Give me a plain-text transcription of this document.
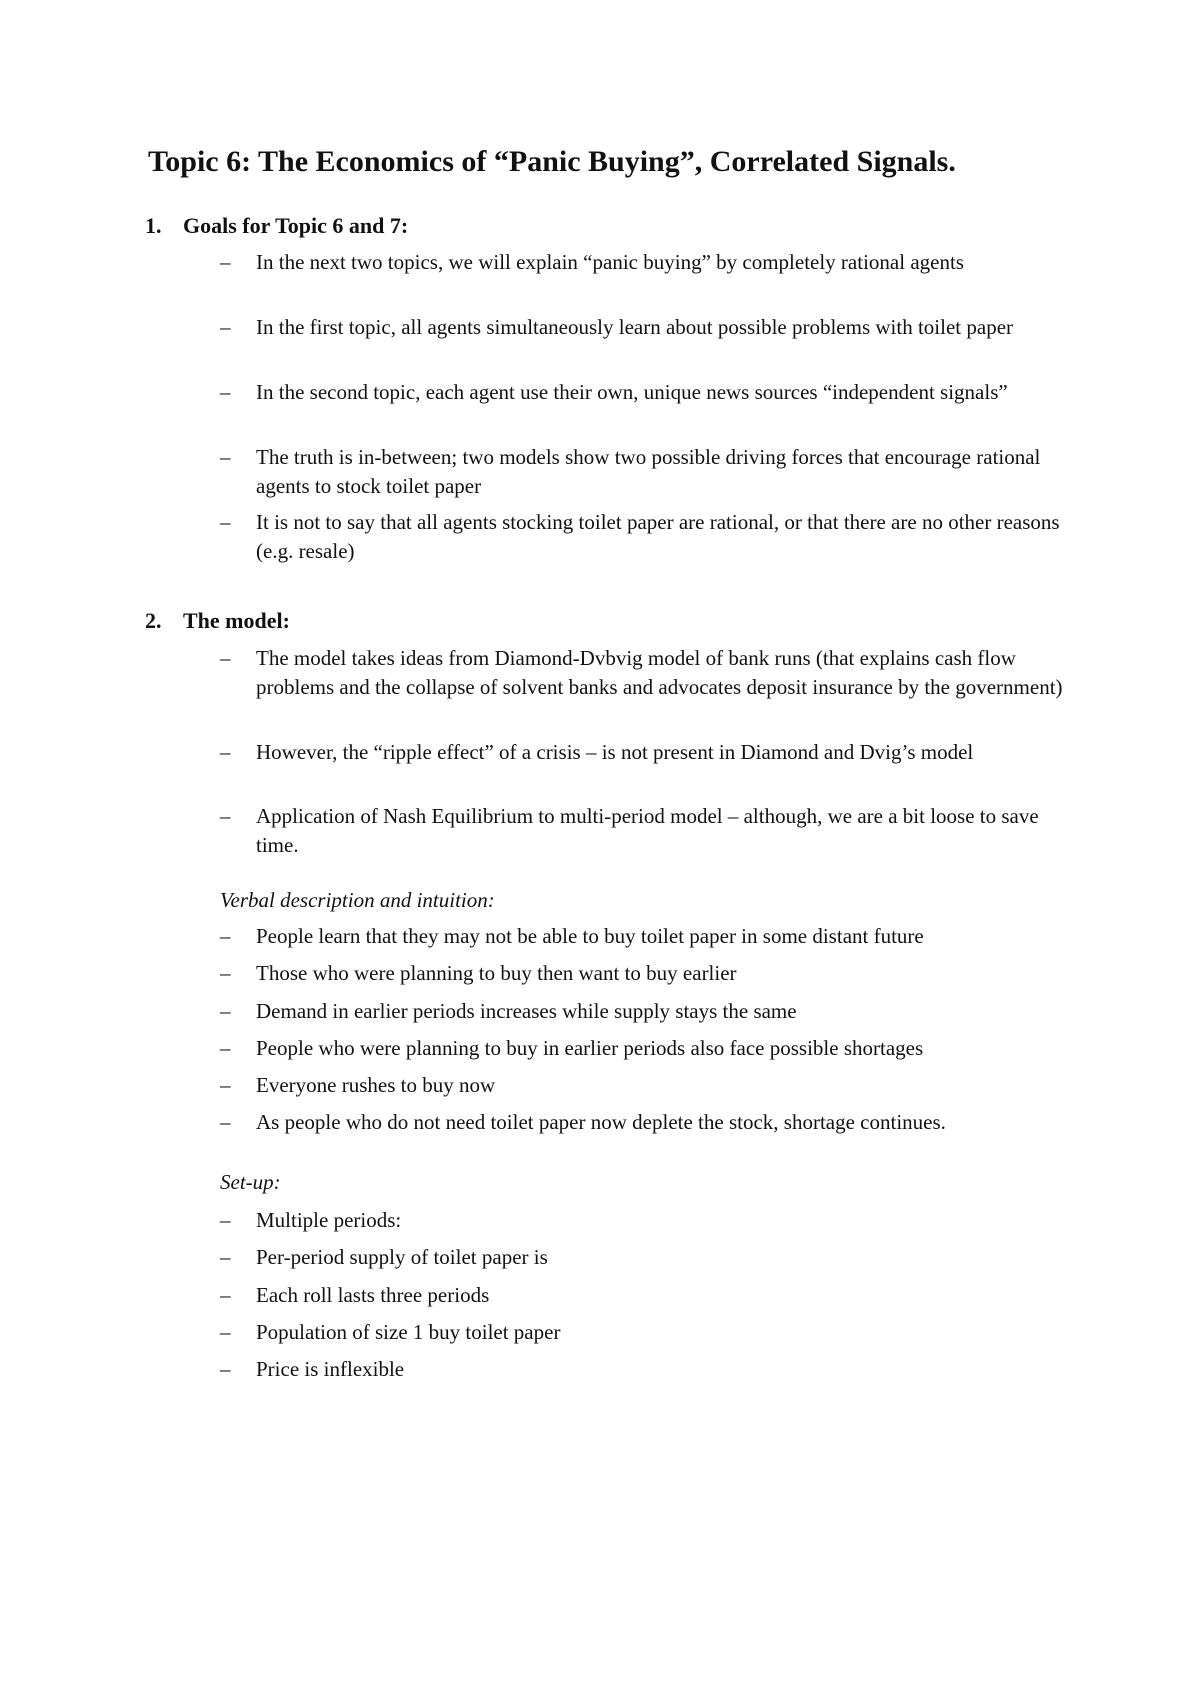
Topic 6: The Economics of “Panic Buying”, Correlated Signals.
1. Goals for Topic 6 and 7:
–	In the next two topics, we will explain “panic buying” by completely rational agents
–	In the first topic, all agents simultaneously learn about possible problems with toilet paper
–	In the second topic, each agent use their own, unique news sources “independent signals”
–	The truth is in-between; two models show two possible driving forces that encourage rational agents to stock toilet paper
–	It is not to say that all agents stocking toilet paper are rational, or that there are no other reasons (e.g. resale)
2. The model:
–	The model takes ideas from Diamond-Dvbvig model of bank runs (that explains cash flow problems and the collapse of solvent banks and advocates deposit insurance by the government)
–	However, the “ripple effect” of a crisis – is not present in Diamond and Dvig’s model
–	Application of Nash Equilibrium to multi-period model – although, we are a bit loose to save time.
Verbal description and intuition:
–	People learn that they may not be able to buy toilet paper in some distant future
–	Those who were planning to buy then want to buy earlier
–	Demand in earlier periods increases while supply stays the same
–	People who were planning to buy in earlier periods also face possible shortages
–	Everyone rushes to buy now
–	As people who do not need toilet paper now deplete the stock, shortage continues.
Set-up:
–	Multiple periods:
–	Per-period supply of toilet paper is
–	Each roll lasts three periods
–	Population of size 1 buy toilet paper
–	Price is inflexible
